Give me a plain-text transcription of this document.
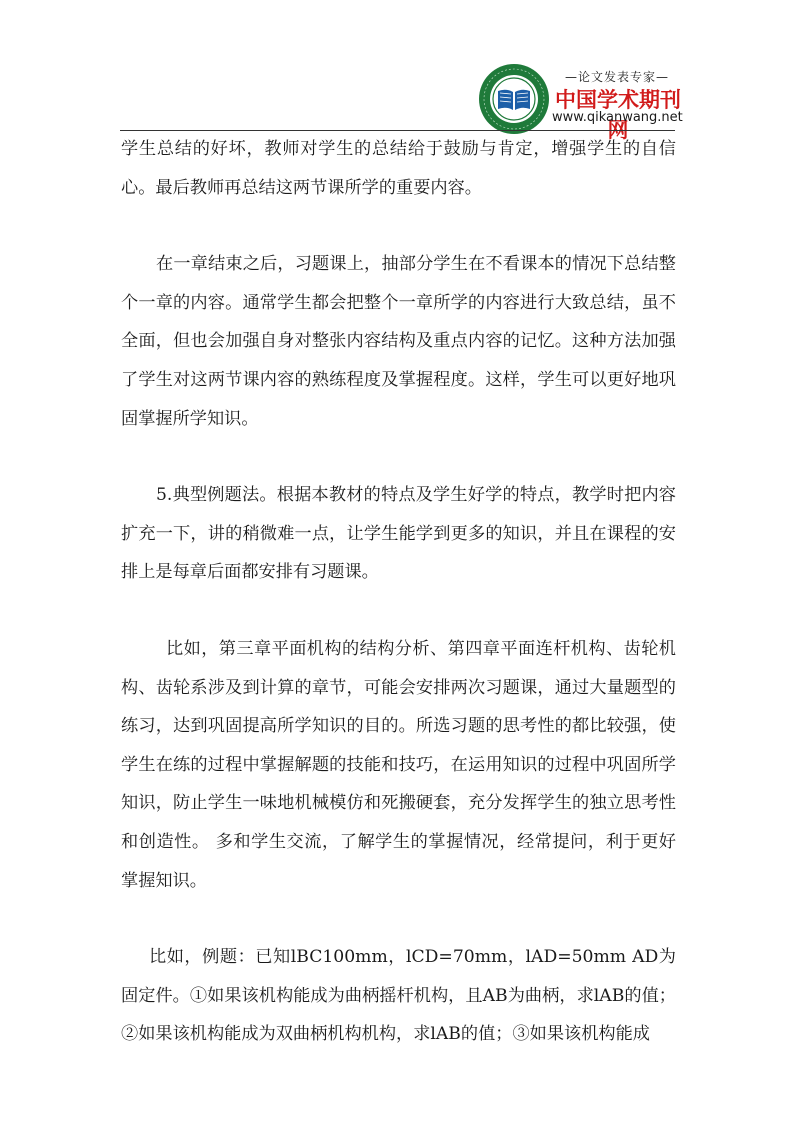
—论文发表专家—
中国学术期刊网
www.qikanwang.net

学生总结的好坏，教师对学生的总结给于鼓励与肯定，增强学生的自信心。最后教师再总结这两节课所学的重要内容。

在一章结束之后，习题课上，抽部分学生在不看课本的情况下总结整个一章的内容。通常学生都会把整个一章所学的内容进行大致总结，虽不全面，但也会加强自身对整张内容结构及重点内容的记忆。这种方法加强了学生对这两节课内容的熟练程度及掌握程度。这样，学生可以更好地巩固掌握所学知识。

5.典型例题法。根据本教材的特点及学生好学的特点，教学时把内容扩充一下，讲的稍微难一点，让学生能学到更多的知识，并且在课程的安排上是每章后面都安排有习题课。

比如，第三章平面机构的结构分析、第四章平面连杆机构、齿轮机构、齿轮系涉及到计算的章节，可能会安排两次习题课，通过大量题型的练习，达到巩固提高所学知识的目的。所选习题的思考性的都比较强，使学生在练的过程中掌握解题的技能和技巧，在运用知识的过程中巩固所学知识，防止学生一味地机械模仿和死搬硬套，充分发挥学生的独立思考性和创造性。 多和学生交流，了解学生的掌握情况，经常提问，利于更好掌握知识。

比如，例题：已知lBC100mm，lCD=70mm，lAD=50mm AD为固定件。①如果该机构能成为曲柄摇杆机构，且AB为曲柄，求lAB的值；②如果该机构能成为双曲柄机构机构，求lAB的值；③如果该机构能成
